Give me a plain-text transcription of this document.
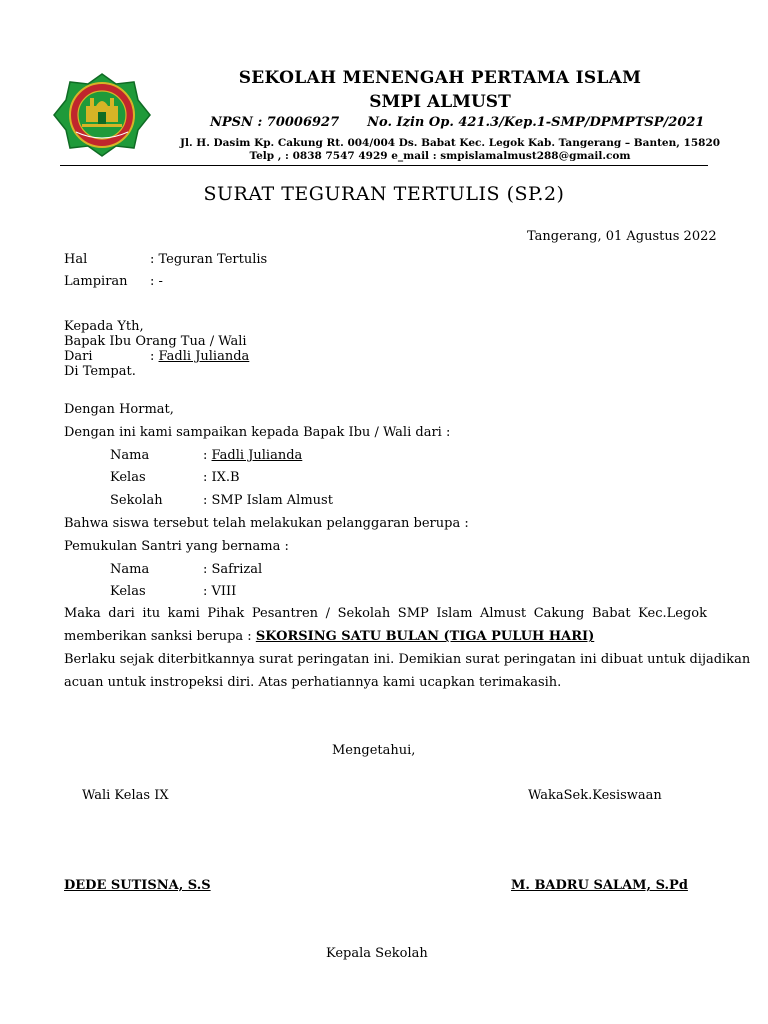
SEKOLAH MENENGAH PERTAMA ISLAM
SMPI ALMUST
NPSN : 70006927 No. Izin Op. 421.3/Kep.1-SMP/DPMPTSP/2021
Jl. H. Dasim Kp. Cakung Rt. 004/004 Ds. Babat Kec. Legok Kab. Tangerang – Banten, 15820
Telp , : 0838 7547 4929 e_mail : smpislamalmust288@gmail.com
SURAT TEGURAN TERTULIS (SP.2)
Tangerang, 01 Agustus 2022
Hal	: Teguran Tertulis
Lampiran : -
Kepada Yth,
Bapak Ibu Orang Tua / Wali
Dari	: Fadli Julianda
Di Tempat.
Dengan Hormat,
Dengan ini kami sampaikan kepada Bapak Ibu / Wali dari :
Nama	: Fadli Julianda
Kelas	: IX.B
Sekolah	: SMP Islam Almust
Bahwa siswa tersebut telah melakukan pelanggaran berupa :
Pemukulan Santri yang bernama :
Nama	: Safrizal
Kelas	: VIII
Maka dari itu kami Pihak Pesantren / Sekolah SMP Islam Almust Cakung Babat Kec.Legok
memberikan sanksi berupa : SKORSING SATU BULAN (TIGA PULUH HARI)
Berlaku sejak diterbitkannya surat peringatan ini. Demikian surat peringatan ini dibuat untuk dijadikan
acuan untuk instropeksi diri. Atas perhatiannya kami ucapkan terimakasih.
Mengetahui,
Wali Kelas IX	WakaSek.Kesiswaan
DEDE SUTISNA, S.S	M. BADRU SALAM, S.Pd
Kepala Sekolah
